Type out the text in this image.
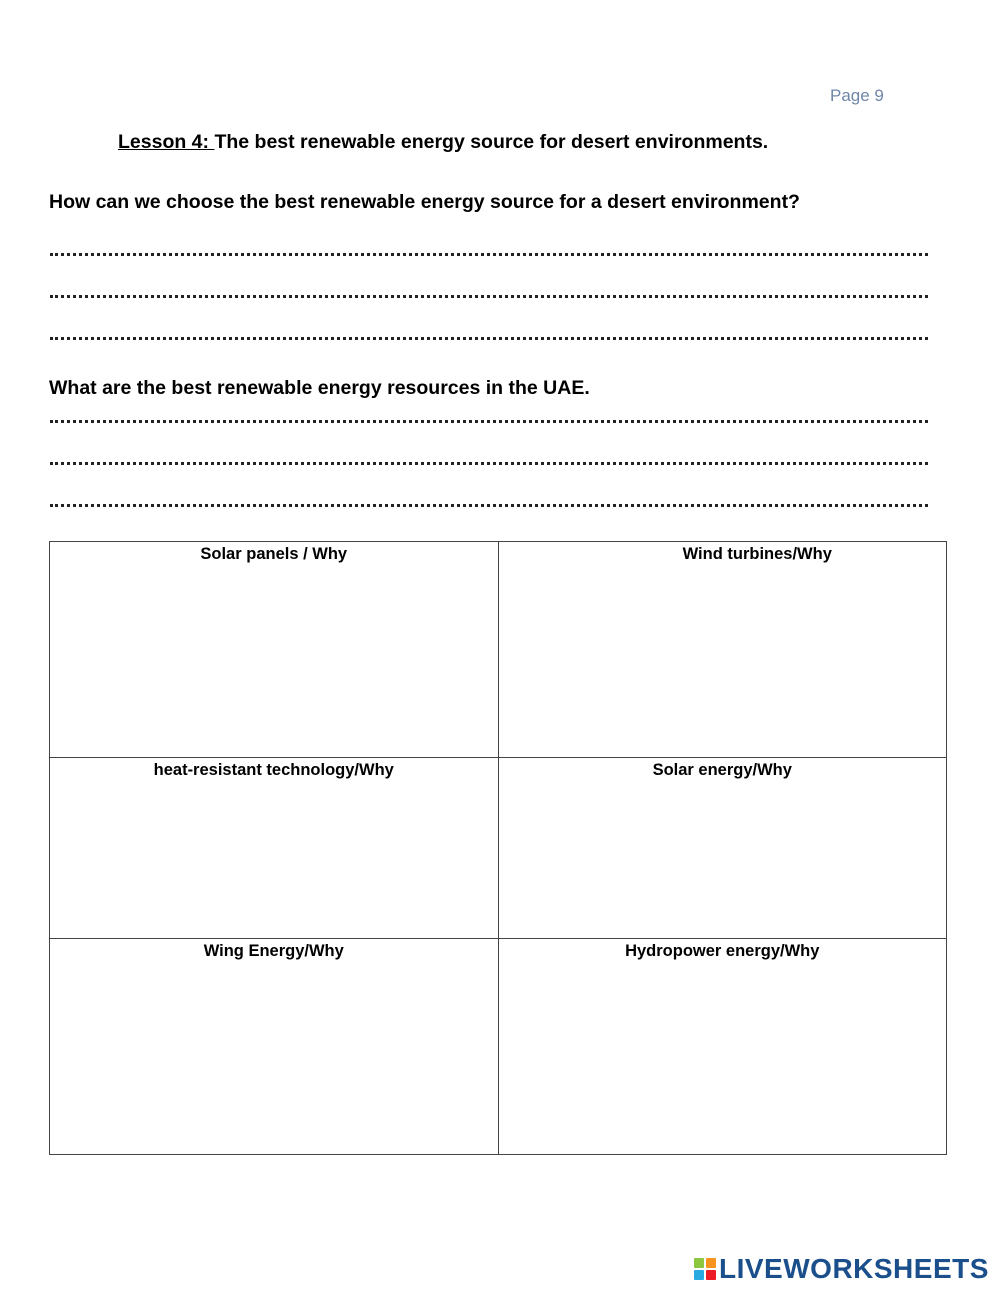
Page 9
Lesson 4: The best renewable energy source for desert environments.
How can we choose the best renewable energy source for a desert environment?
What are the best renewable energy resources in the UAE.
Solar panels / Why	Wind turbines/Why

heat-resistant technology/Why	Solar energy/Why

Wing Energy/Why	Hydropower energy/Why
LIVEWORKSHEETS
